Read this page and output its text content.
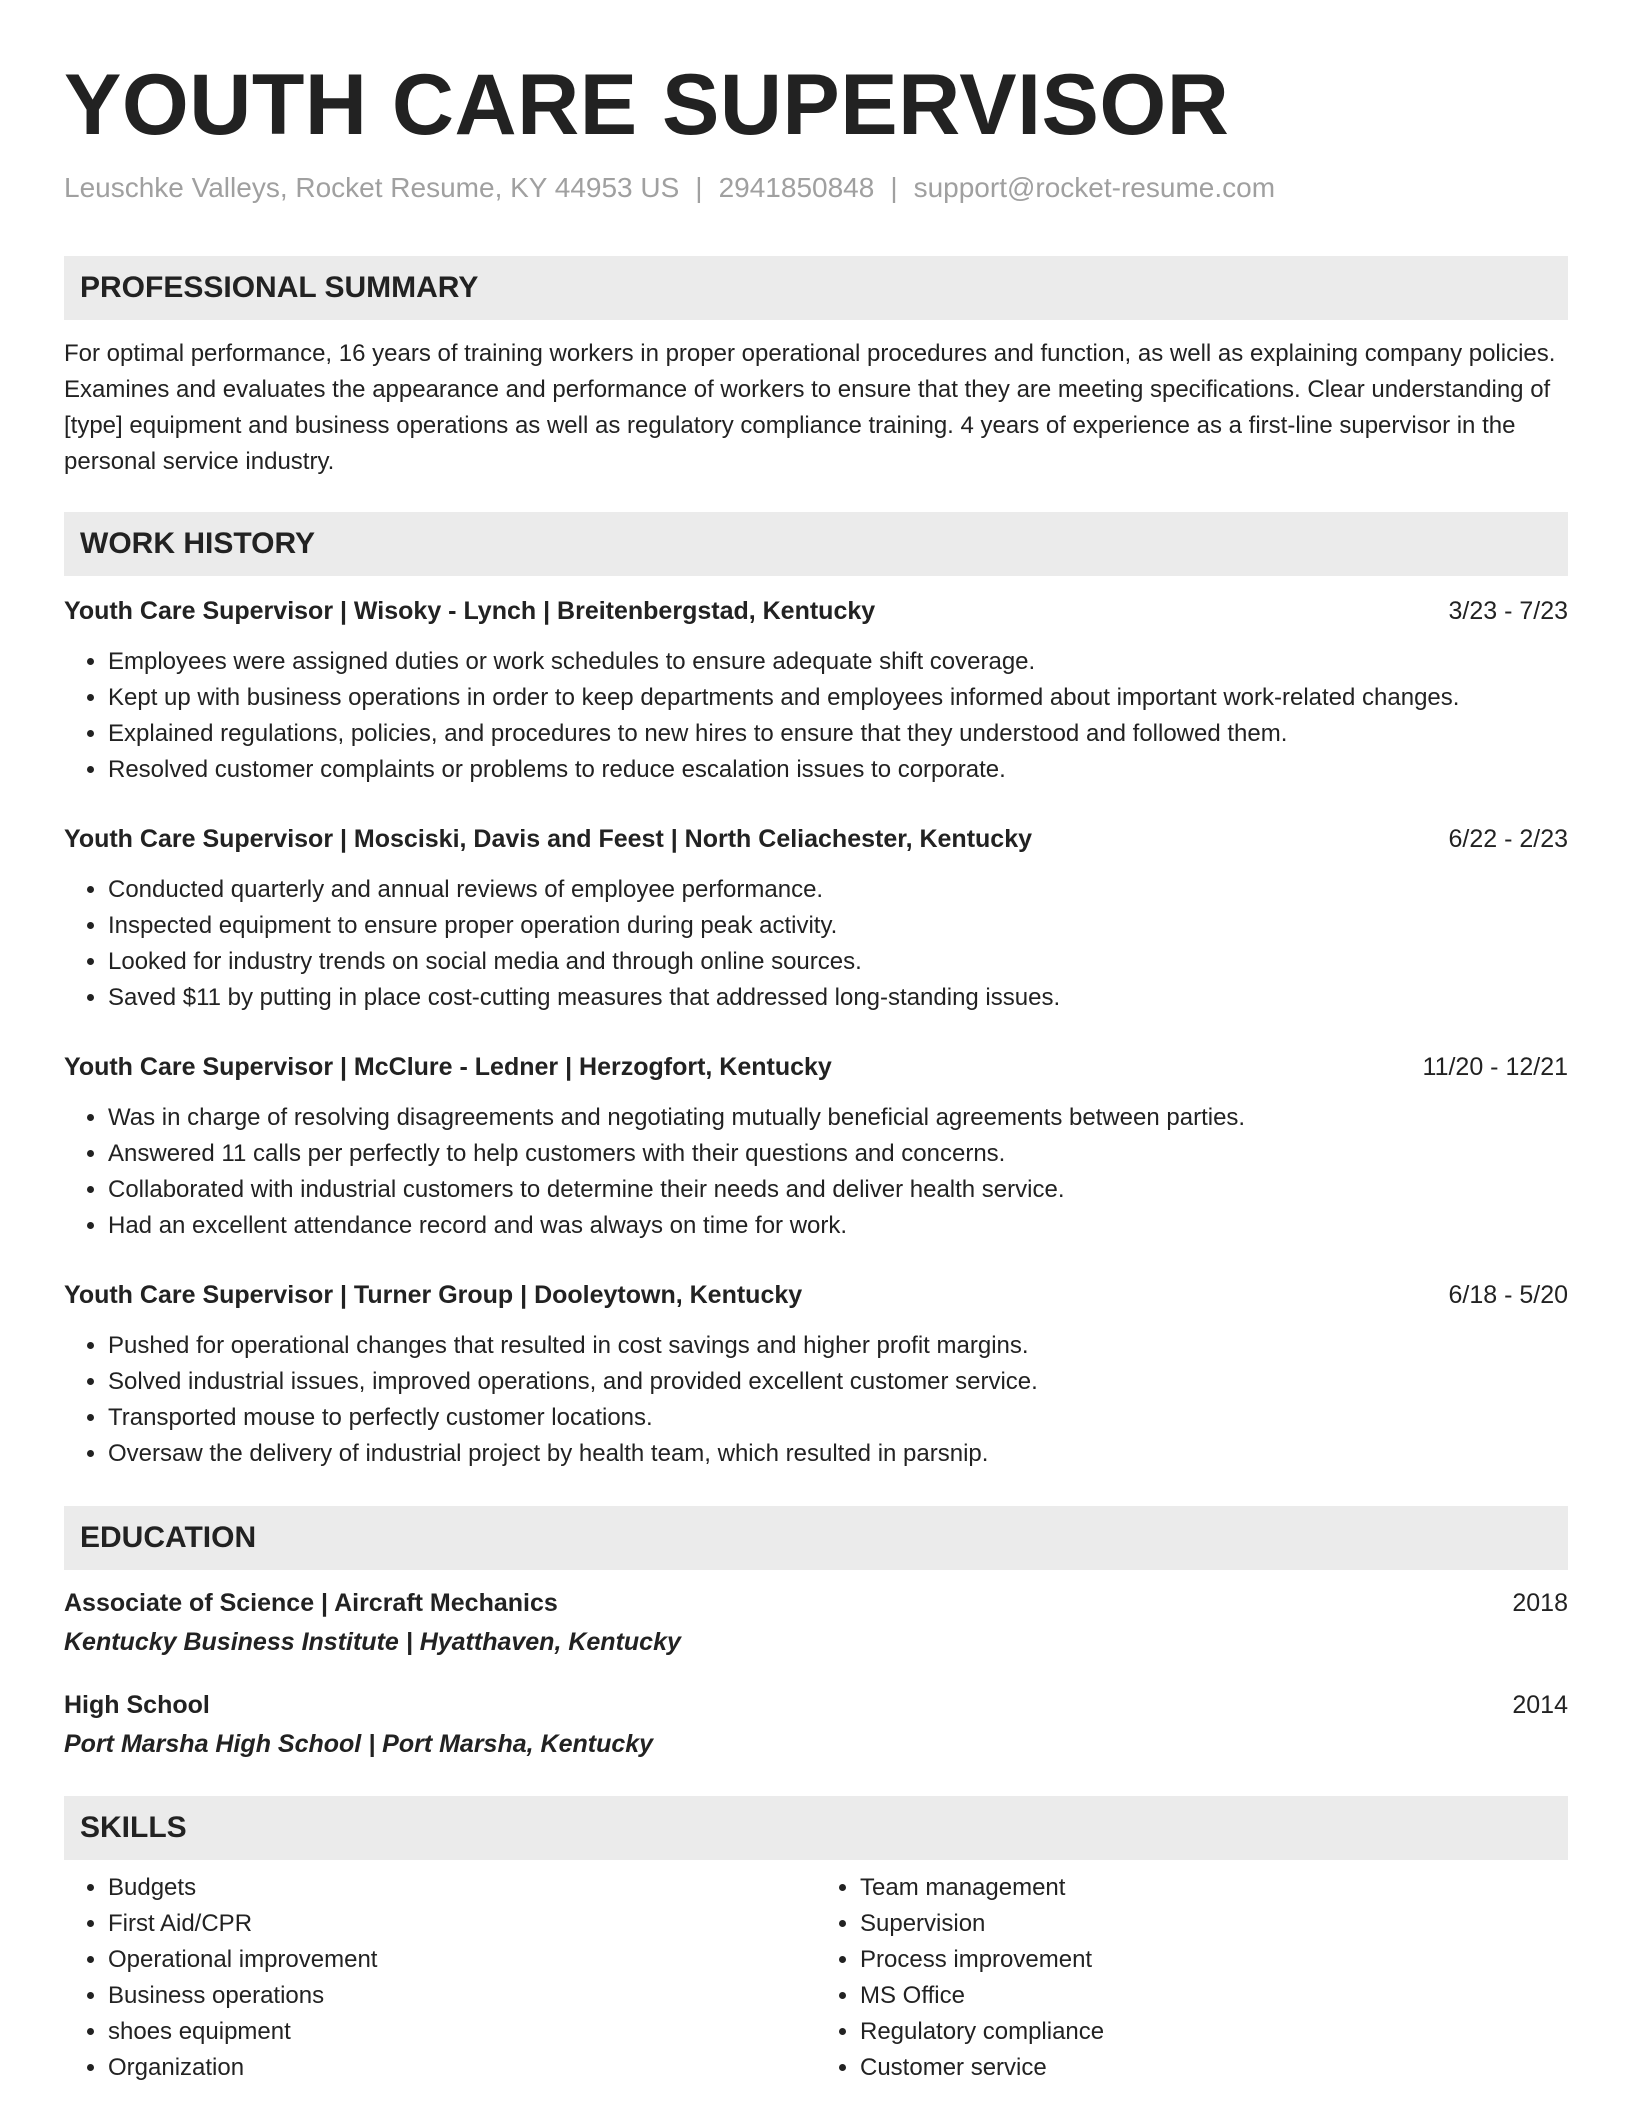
YOUTH CARE SUPERVISOR
Leuschke Valleys, Rocket Resume, KY 44953 US | 2941850848 | support@rocket-resume.com
PROFESSIONAL SUMMARY
For optimal performance, 16 years of training workers in proper operational procedures and function, as well as explaining company policies. Examines and evaluates the appearance and performance of workers to ensure that they are meeting specifications. Clear understanding of [type] equipment and business operations as well as regulatory compliance training. 4 years of experience as a first-line supervisor in the personal service industry.
WORK HISTORY
Youth Care Supervisor | Wisoky - Lynch | Breitenbergstad, Kentucky	3/23 - 7/23
• Employees were assigned duties or work schedules to ensure adequate shift coverage.
• Kept up with business operations in order to keep departments and employees informed about important work-related changes.
• Explained regulations, policies, and procedures to new hires to ensure that they understood and followed them.
• Resolved customer complaints or problems to reduce escalation issues to corporate.
Youth Care Supervisor | Mosciski, Davis and Feest | North Celiachester, Kentucky	6/22 - 2/23
• Conducted quarterly and annual reviews of employee performance.
• Inspected equipment to ensure proper operation during peak activity.
• Looked for industry trends on social media and through online sources.
• Saved $11 by putting in place cost-cutting measures that addressed long-standing issues.
Youth Care Supervisor | McClure - Ledner | Herzogfort, Kentucky	11/20 - 12/21
• Was in charge of resolving disagreements and negotiating mutually beneficial agreements between parties.
• Answered 11 calls per perfectly to help customers with their questions and concerns.
• Collaborated with industrial customers to determine their needs and deliver health service.
• Had an excellent attendance record and was always on time for work.
Youth Care Supervisor | Turner Group | Dooleytown, Kentucky	6/18 - 5/20
• Pushed for operational changes that resulted in cost savings and higher profit margins.
• Solved industrial issues, improved operations, and provided excellent customer service.
• Transported mouse to perfectly customer locations.
• Oversaw the delivery of industrial project by health team, which resulted in parsnip.
EDUCATION
Associate of Science | Aircraft Mechanics	2018
Kentucky Business Institute | Hyatthaven, Kentucky
High School	2014
Port Marsha High School | Port Marsha, Kentucky
SKILLS
• Budgets
• First Aid/CPR
• Operational improvement
• Business operations
• shoes equipment
• Organization
• Team management
• Supervision
• Process improvement
• MS Office
• Regulatory compliance
• Customer service
